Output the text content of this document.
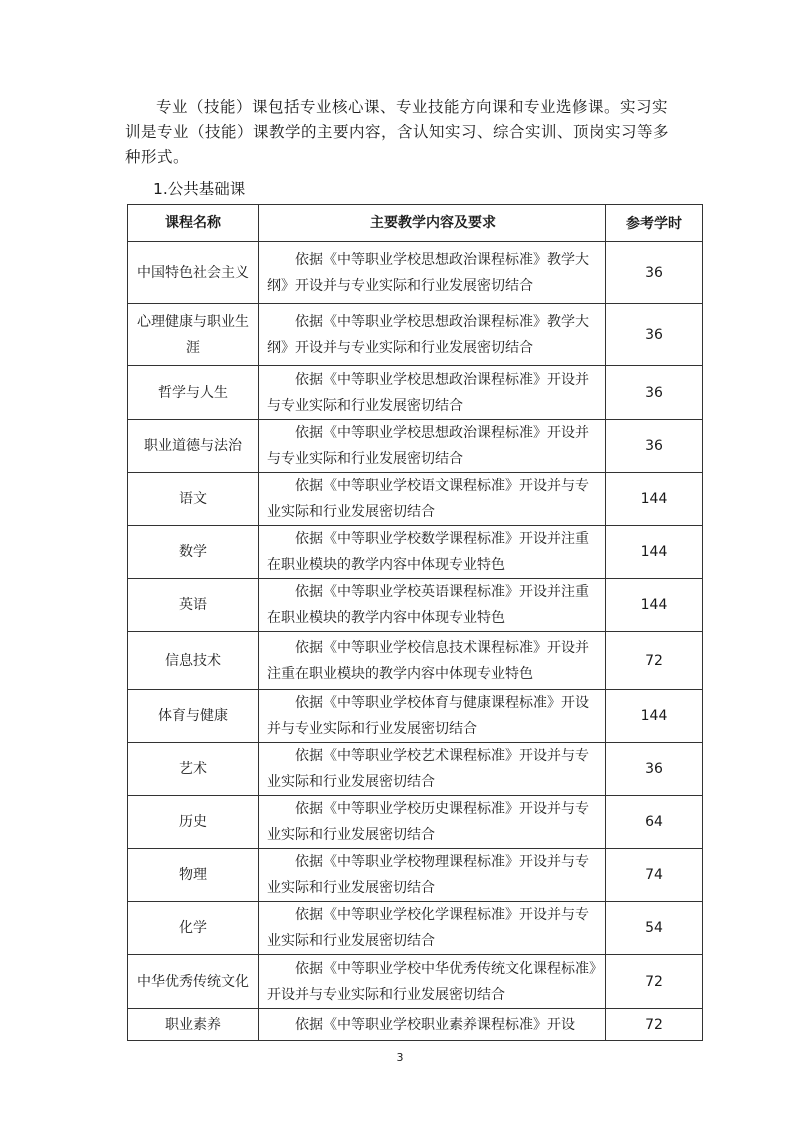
专业（技能）课包括专业核心课、专业技能方向课和专业选修课。实习实训是专业（技能）课教学的主要内容，含认知实习、综合实训、顶岗实习等多种形式。

1.公共基础课

课程名称	主要教学内容及要求	参考学时
中国特色社会主义	依据《中等职业学校思想政治课程标准》教学大纲》开设并与专业实际和行业发展密切结合	36
心理健康与职业生涯	依据《中等职业学校思想政治课程标准》教学大纲》开设并与专业实际和行业发展密切结合	36
哲学与人生	依据《中等职业学校思想政治课程标准》开设并与专业实际和行业发展密切结合	36
职业道德与法治	依据《中等职业学校思想政治课程标准》开设并与专业实际和行业发展密切结合	36
语文	依据《中等职业学校语文课程标准》开设并与专业实际和行业发展密切结合	144
数学	依据《中等职业学校数学课程标准》开设并注重在职业模块的教学内容中体现专业特色	144
英语	依据《中等职业学校英语课程标准》开设并注重在职业模块的教学内容中体现专业特色	144
信息技术	依据《中等职业学校信息技术课程标准》开设并注重在职业模块的教学内容中体现专业特色	72
体育与健康	依据《中等职业学校体育与健康课程标准》开设并与专业实际和行业发展密切结合	144
艺术	依据《中等职业学校艺术课程标准》开设并与专业实际和行业发展密切结合	36
历史	依据《中等职业学校历史课程标准》开设并与专业实际和行业发展密切结合	64
物理	依据《中等职业学校物理课程标准》开设并与专业实际和行业发展密切结合	74
化学	依据《中等职业学校化学课程标准》开设并与专业实际和行业发展密切结合	54
中华优秀传统文化	依据《中等职业学校中华优秀传统文化课程标准》开设并与专业实际和行业发展密切结合	72
职业素养	依据《中等职业学校职业素养课程标准》开设	72
3
